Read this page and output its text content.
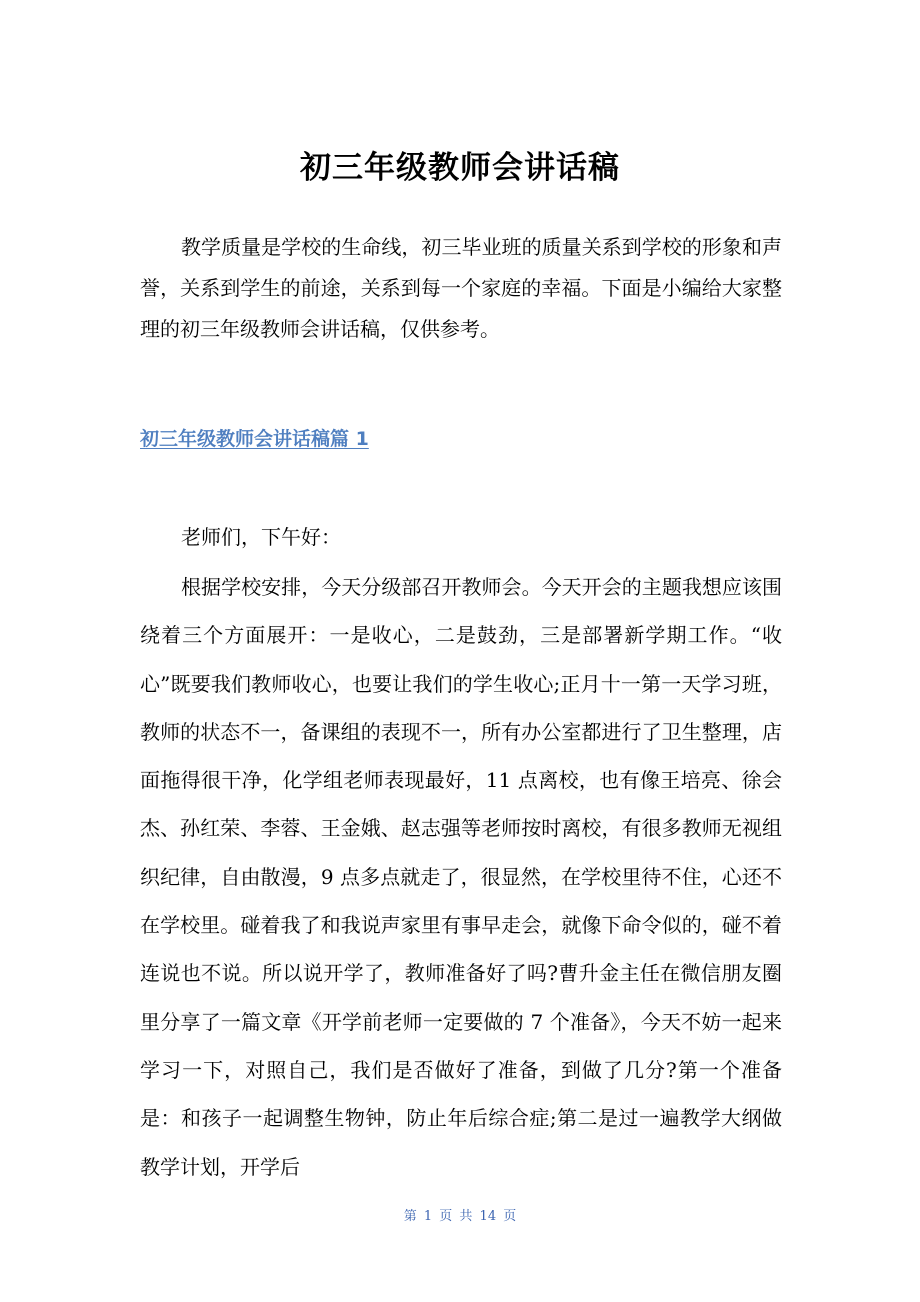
初三年级教师会讲话稿

教学质量是学校的生命线，初三毕业班的质量关系到学校的形象和声誉，关系到学生的前途，关系到每一个家庭的幸福。下面是小编给大家整理的初三年级教师会讲话稿，仅供参考。

初三年级教师会讲话稿篇 1

老师们，下午好：

根据学校安排，今天分级部召开教师会。今天开会的主题我想应该围绕着三个方面展开：一是收心，二是鼓劲，三是部署新学期工作。“收心”既要我们教师收心，也要让我们的学生收心;正月十一第一天学习班，教师的状态不一，备课组的表现不一，所有办公室都进行了卫生整理，店面拖得很干净，化学组老师表现最好，11 点离校，也有像王培亮、徐会杰、孙红荣、李蓉、王金娥、赵志强等老师按时离校，有很多教师无视组织纪律，自由散漫，9 点多点就走了，很显然，在学校里待不住，心还不在学校里。碰着我了和我说声家里有事早走会，就像下命令似的，碰不着连说也不说。所以说开学了，教师准备好了吗?曹升金主任在微信朋友圈里分享了一篇文章《开学前老师一定要做的 7 个准备》，今天不妨一起来学习一下，对照自己，我们是否做好了准备，到做了几分?第一个准备是：和孩子一起调整生物钟，防止年后综合症;第二是过一遍教学大纲做教学计划，开学后

第 1 页 共 14 页
